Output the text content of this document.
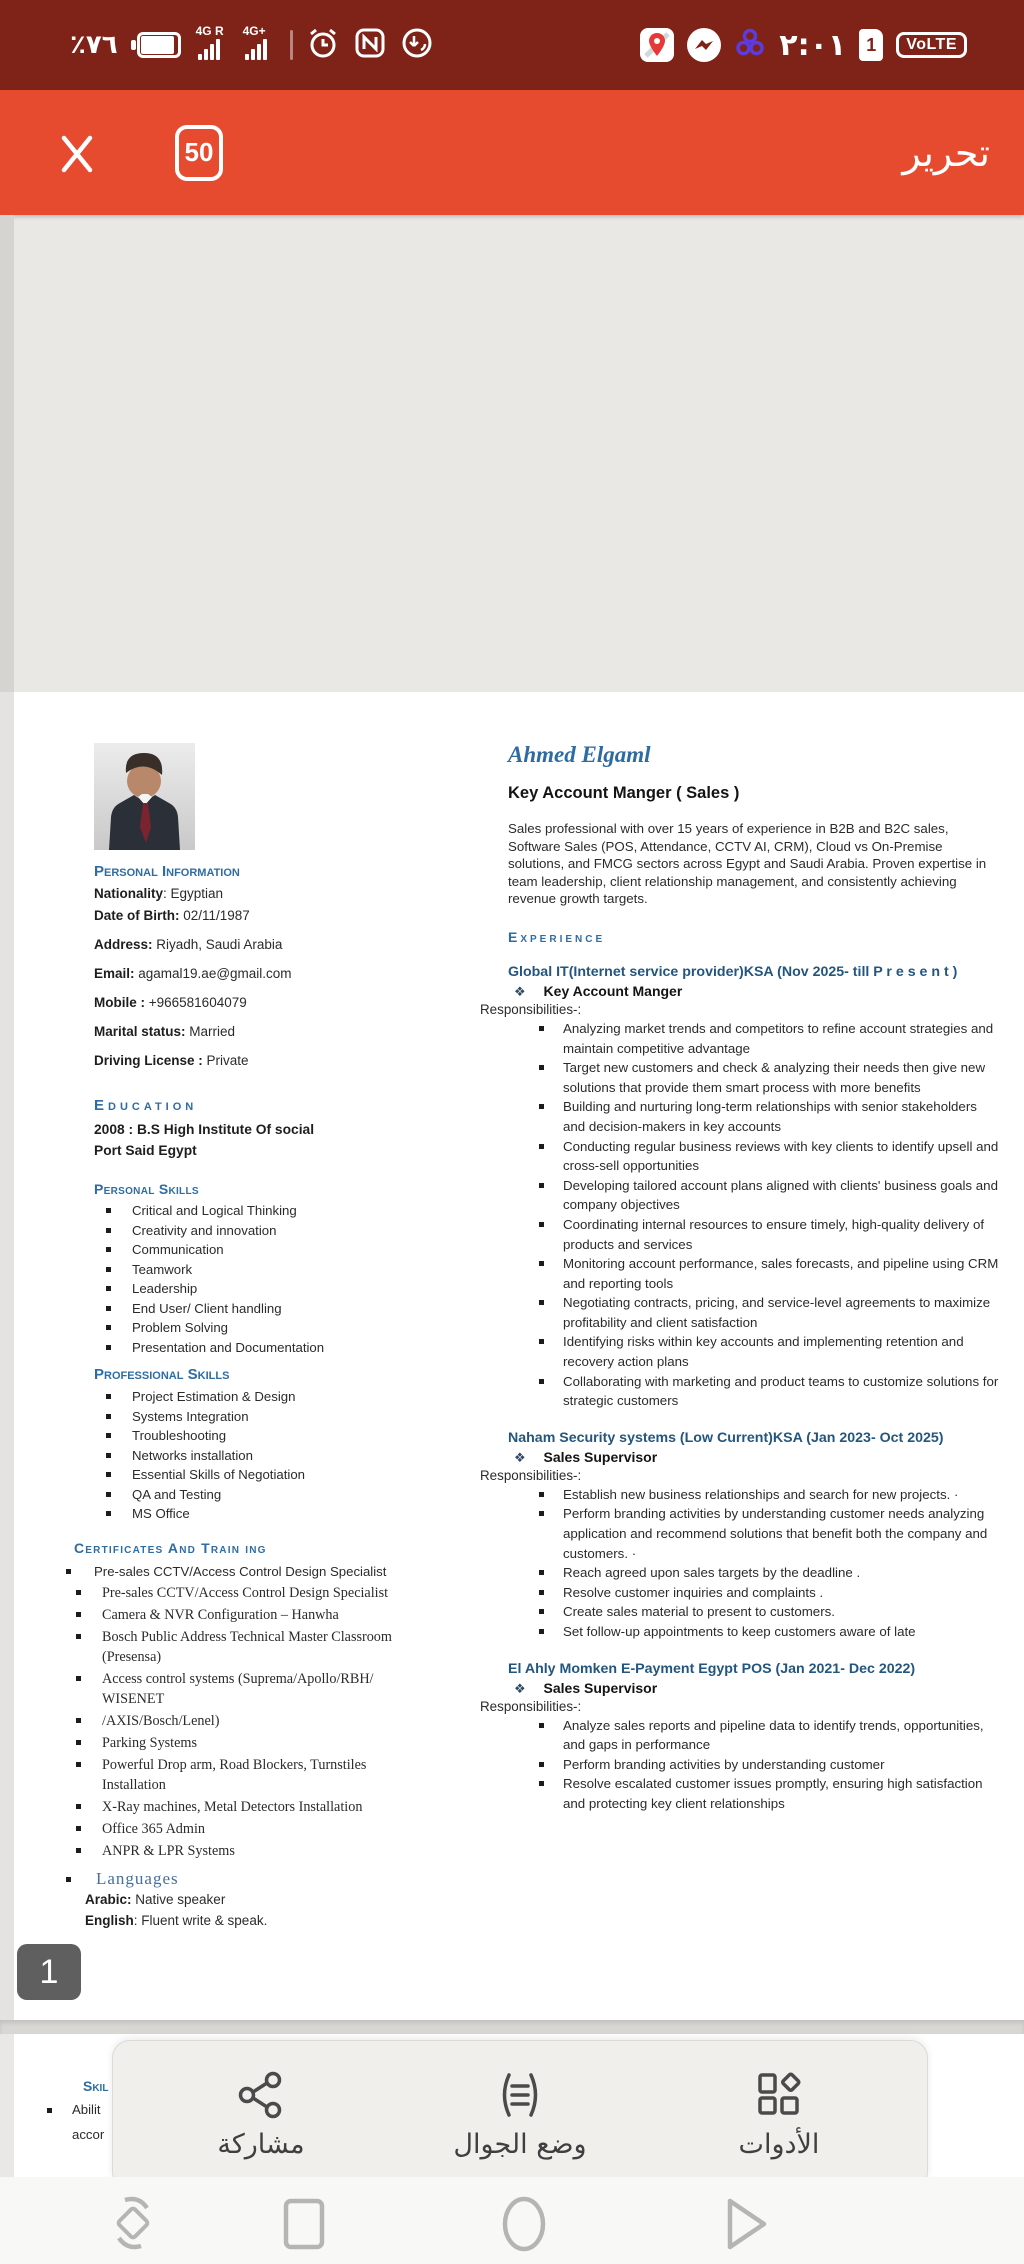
٪٧٦	4G R 4G+	٢:٠١	1	VoLTE
50	تحرير
Personal Information
Nationality: Egyptian
Date of Birth: 02/11/1987
Address: Riyadh, Saudi Arabia
Email: agamal19.ae@gmail.com
Mobile : +966581604079
Marital status: Married
Driving License : Private
Education
2008 : B.S High Institute Of social
Port Said Egypt
Personal Skills
Critical and Logical Thinking
Creativity and innovation
Communication
Teamwork
Leadership
End User/ Client handling
Problem Solving
Presentation and Documentation
Professional Skills
Project Estimation & Design
Systems Integration
Troubleshooting
Networks installation
Essential Skills of Negotiation
QA and Testing
MS Office
Certificates And Train ing
Pre-sales CCTV/Access Control Design Specialist
Pre-sales CCTV/Access Control Design Specialist
Camera & NVR Configuration – Hanwha
Bosch Public Address Technical Master Classroom (Presensa)
Access control systems (Suprema/Apollo/RBH/ WISENET
/AXIS/Bosch/Lenel)
Parking Systems
Powerful Drop arm, Road Blockers, Turnstiles Installation
X-Ray machines, Metal Detectors Installation
Office 365 Admin
ANPR & LPR Systems
Languages
Arabic: Native speaker
English: Fluent write & speak.
Ahmed Elgaml
Key Account Manger ( Sales )

Sales professional with over 15 years of experience in B2B and B2C sales, Software Sales (POS, Attendance, CCTV AI, CRM), Cloud vs On-Premise solutions, and FMCG sectors across Egypt and Saudi Arabia. Proven expertise in team leadership, client relationship management, and consistently achieving revenue growth targets.

Experience
Global IT(Internet service provider)KSA (Nov 2025- till P r e s e n t )
❖ Key Account Manger
Responsibilities-:
Analyzing market trends and competitors to refine account strategies and maintain competitive advantage
Target new customers and check & analyzing their needs then give new solutions that provide them smart process with more benefits
Building and nurturing long-term relationships with senior stakeholders and decision-makers in key accounts
Conducting regular business reviews with key clients to identify upsell and cross-sell opportunities
Developing tailored account plans aligned with clients' business goals and company objectives
Coordinating internal resources to ensure timely, high-quality delivery of products and services
Monitoring account performance, sales forecasts, and pipeline using CRM and reporting tools
Negotiating contracts, pricing, and service-level agreements to maximize profitability and client satisfaction
Identifying risks within key accounts and implementing retention and recovery action plans
Collaborating with marketing and product teams to customize solutions for strategic customers
Naham Security systems (Low Current)KSA (Jan 2023- Oct 2025)
❖ Sales Supervisor
Responsibilities-:
Establish new business relationships and search for new projects. ·
Perform branding activities by understanding customer needs analyzing application and recommend solutions that benefit both the company and customers. ·
Reach agreed upon sales targets by the deadline .
Resolve customer inquiries and complaints .
Create sales material to present to customers.
Set follow-up appointments to keep customers aware of late
El Ahly Momken E-Payment Egypt POS (Jan 2021- Dec 2022)
❖ Sales Supervisor
Responsibilities-:
Analyze sales reports and pipeline data to identify trends, opportunities, and gaps in performance
Perform branding activities by understanding customer
Resolve escalated customer issues promptly, ensuring high satisfaction and protecting key client relationships
1
Skil
Abilit
accor	مشاركة	وضع الجوال	الأدوات
